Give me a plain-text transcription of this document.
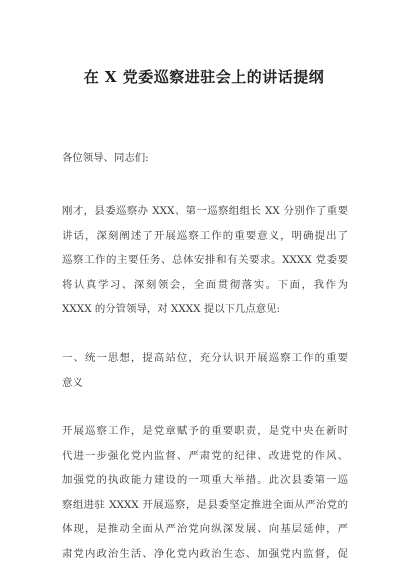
在 X 党委巡察进驻会上的讲话提纲
各位领导、同志们:
刚才，县委巡察办 XXX、第一巡察组组长 XX 分别作了重要
讲话，深刻阐述了开展巡察工作的重要意义，明确提出了
巡察工作的主要任务、总体安排和有关要求。XXXX 党委要
将认真学习、深刻领会，全面贯彻落实。下面，我作为
XXXX 的分管领导，对 XXXX 提以下几点意见:
一、统一思想，提高站位，充分认识开展巡察工作的重要
意义
开展巡察工作，是党章赋予的重要职责，是党中央在新时
代进一步强化党内监督、严肃党的纪律、改进党的作风、
加强党的执政能力建设的一项重大举措。此次县委第一巡
察组进驻 XXXX 开展巡察，是县委坚定推进全面从严治党的
体现，是推动全面从严治党向纵深发展、向基层延伸，严
肃党内政治生活、净化党内政治生态、加强党内监督，促
